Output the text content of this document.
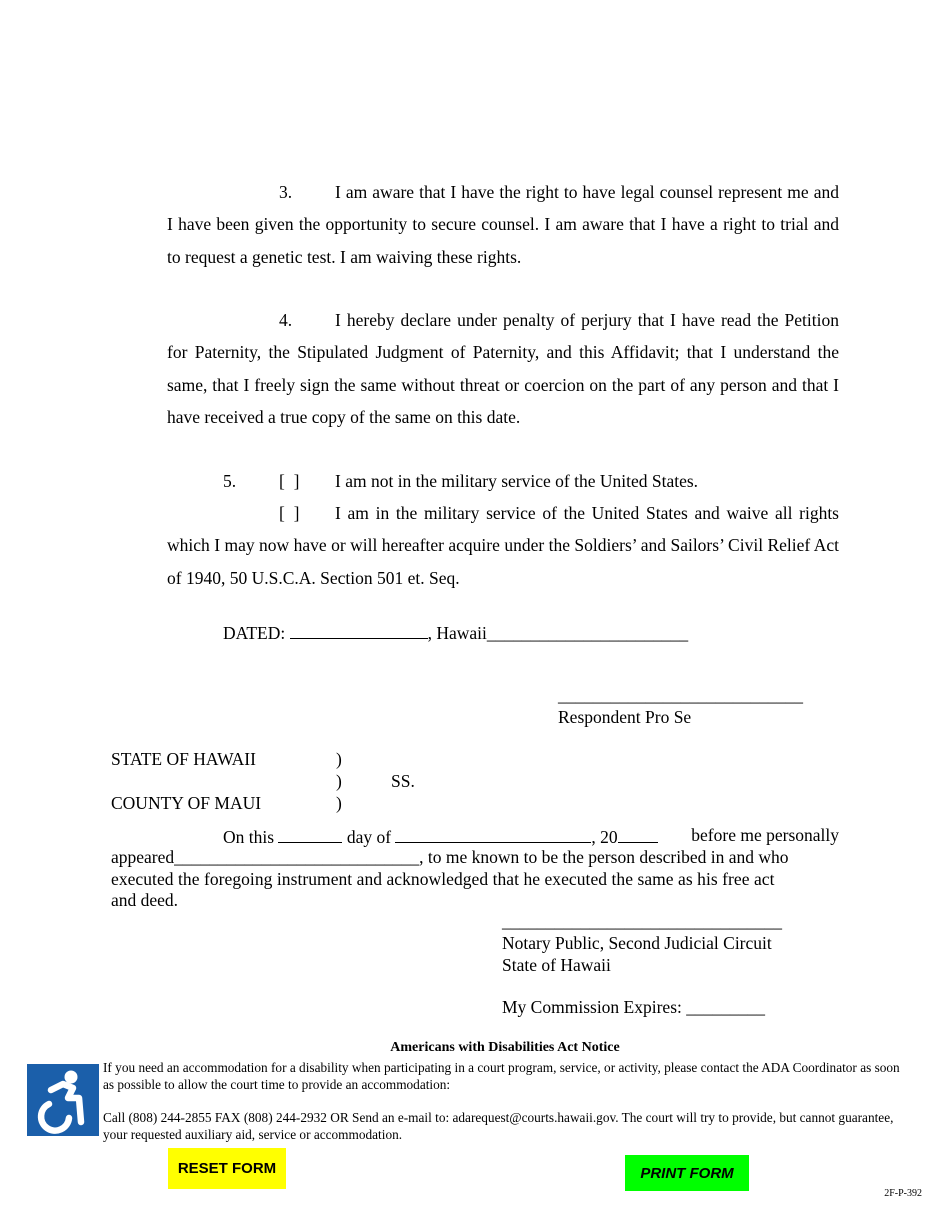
3. I am aware that I have the right to have legal counsel represent me and I have been given the opportunity to secure counsel. I am aware that I have a right to trial and to request a genetic test. I am waiving these rights.
4. I hereby declare under penalty of perjury that I have read the Petition for Paternity, the Stipulated Judgment of Paternity, and this Affidavit; that I understand the same, that I freely sign the same without threat or coercion on the part of any person and that I have received a true copy of the same on this date.
5. [  ] I am not in the military service of the United States.
[  ] I am in the military service of the United States and waive all rights which I may now have or will hereafter acquire under the Soldiers’ and Sailors’ Civil Relief Act of 1940, 50 U.S.C.A. Section 501 et. Seq.
DATED:	, Hawaii_______________________
____________________________
Respondent Pro Se
STATE OF HAWAII	)
)	SS.
COUNTY OF MAUI	)
On this	day of	, 20	before me personally
appeared____________________________, to me known to be the person described in and who
executed the foregoing instrument and acknowledged that he executed the same as his free act
and deed.
________________________________
Notary Public, Second Judicial Circuit
State of Hawaii
My Commission Expires: _________
Americans with Disabilities Act Notice
If you need an accommodation for a disability when participating in a court program, service, or activity, please contact the ADA Coordinator as soon as possible to allow the court time to provide an accommodation:
Call (808) 244-2855 FAX (808) 244-2932 OR Send an e-mail to: adarequest@courts.hawaii.gov. The court will try to provide, but cannot guarantee, your requested auxiliary aid, service or accommodation.
RESET FORM	PRINT FORM
2F-P-392
